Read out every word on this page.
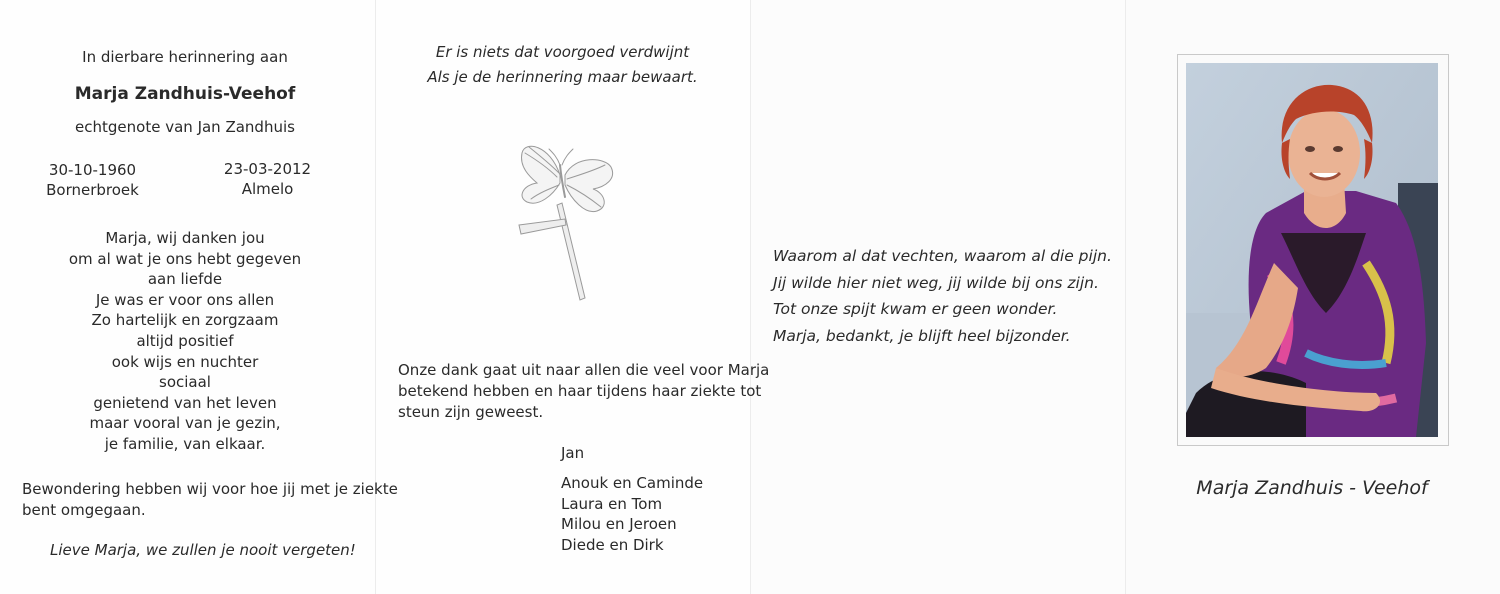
In dierbare herinnering aan
Marja Zandhuis-Veehof
echtgenote van Jan Zandhuis
30-10-1960
Bornerbroek
23-03-2012
Almelo
Marja, wij danken jou
om al wat je ons hebt gegeven
aan liefde
Je was er voor ons allen
Zo hartelijk en zorgzaam
altijd positief
ook wijs en nuchter
sociaal
genietend van het leven
maar vooral van je gezin,
je familie, van elkaar.
Bewondering hebben wij voor hoe jij met je ziekte
bent omgegaan.
Lieve Marja, we zullen je nooit vergeten!
Er is niets dat voorgoed verdwijnt
Als je de herinnering maar bewaart.
Onze dank gaat uit naar allen die veel voor Marja
betekend hebben en haar tijdens haar ziekte tot
steun zijn geweest.
Jan
Anouk en Caminde
Laura en Tom
Milou en Jeroen
Diede en Dirk
Waarom al dat vechten, waarom al die pijn.
Jij wilde hier niet weg, jij wilde bij ons zijn.
Tot onze spijt kwam er geen wonder.
Marja, bedankt, je blijft heel bijzonder.
Marja Zandhuis - Veehof
